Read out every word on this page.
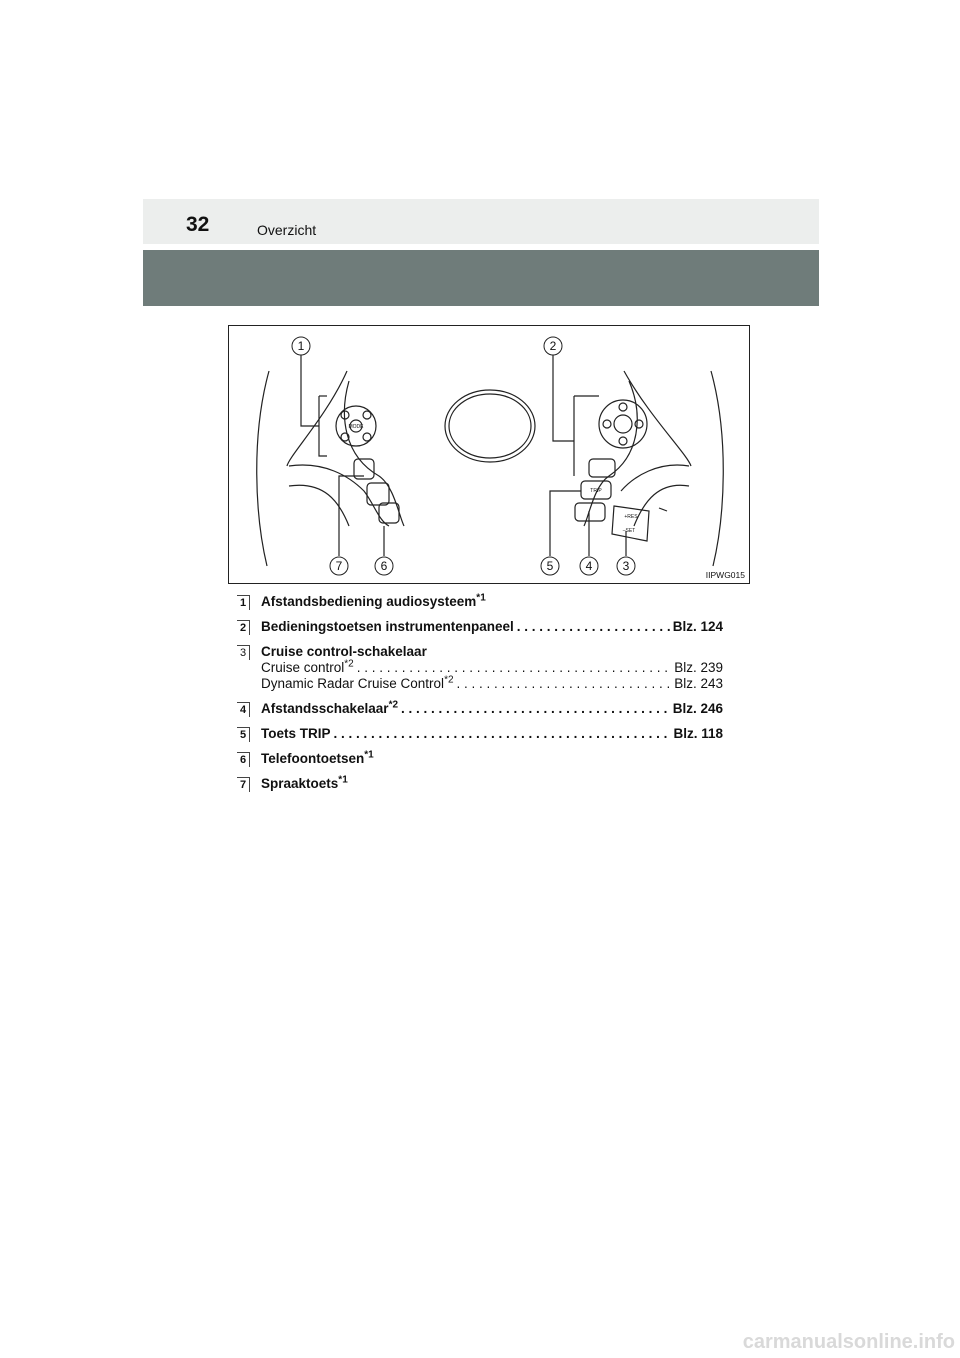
32	Overzicht
1	2
7	6	5	4	3
MODE
TRIP
+RES
–SET
IIPWG015
1 Afstandsbediening audiosysteem$^{*1}$
2 Bedieningstoetsen instrumentenpaneel . . .	Blz. 124
3 Cruise control-schakelaar
Cruise control$^{*2}$ . . .	Blz. 239
Dynamic Radar Cruise Control$^{*2}$ . . .	Blz. 243
4 Afstandsschakelaar$^{*2}$ . . .	Blz. 246
5 Toets TRIP . . .	Blz. 118
6 Telefoontoetsen$^{*1}$
7 Spraaktoets$^{*1}$
carmanualsonline.info
